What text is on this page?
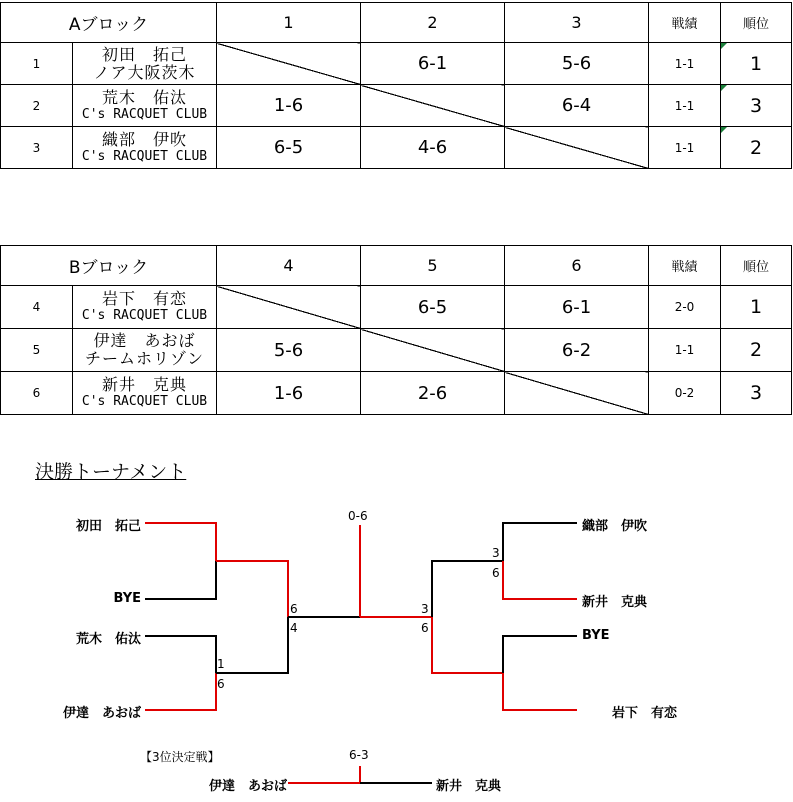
Aブロック		1	2	3	戦績	順位
1	初田　拓己
ノア大阪茨木		6-1	5-6	1-1	1
2	荒木　佑汰
C's RACQUET CLUB	1-6		6-4	1-1	3
3	織部　伊吹
C's RACQUET CLUB	6-5	4-6		1-1	2
Bブロック		4	5	6	戦績	順位
4	岩下　有恋
C's RACQUET CLUB		6-5	6-1	2-0	1
5	伊達　あおば
チームホリゾン	5-6		6-2	1-1	2
6	新井　克典
C's RACQUET CLUB	1-6	2-6		0-2	3
決勝トーナメント
初田　拓己
BYE
荒木　佑汰
伊達　あおば
織部　伊吹
新井　克典
BYE
岩下　有恋
0-6
1
6
6
4
3
6
3
6
【3位決定戦】	6-3
伊達　あおば	新井　克典
